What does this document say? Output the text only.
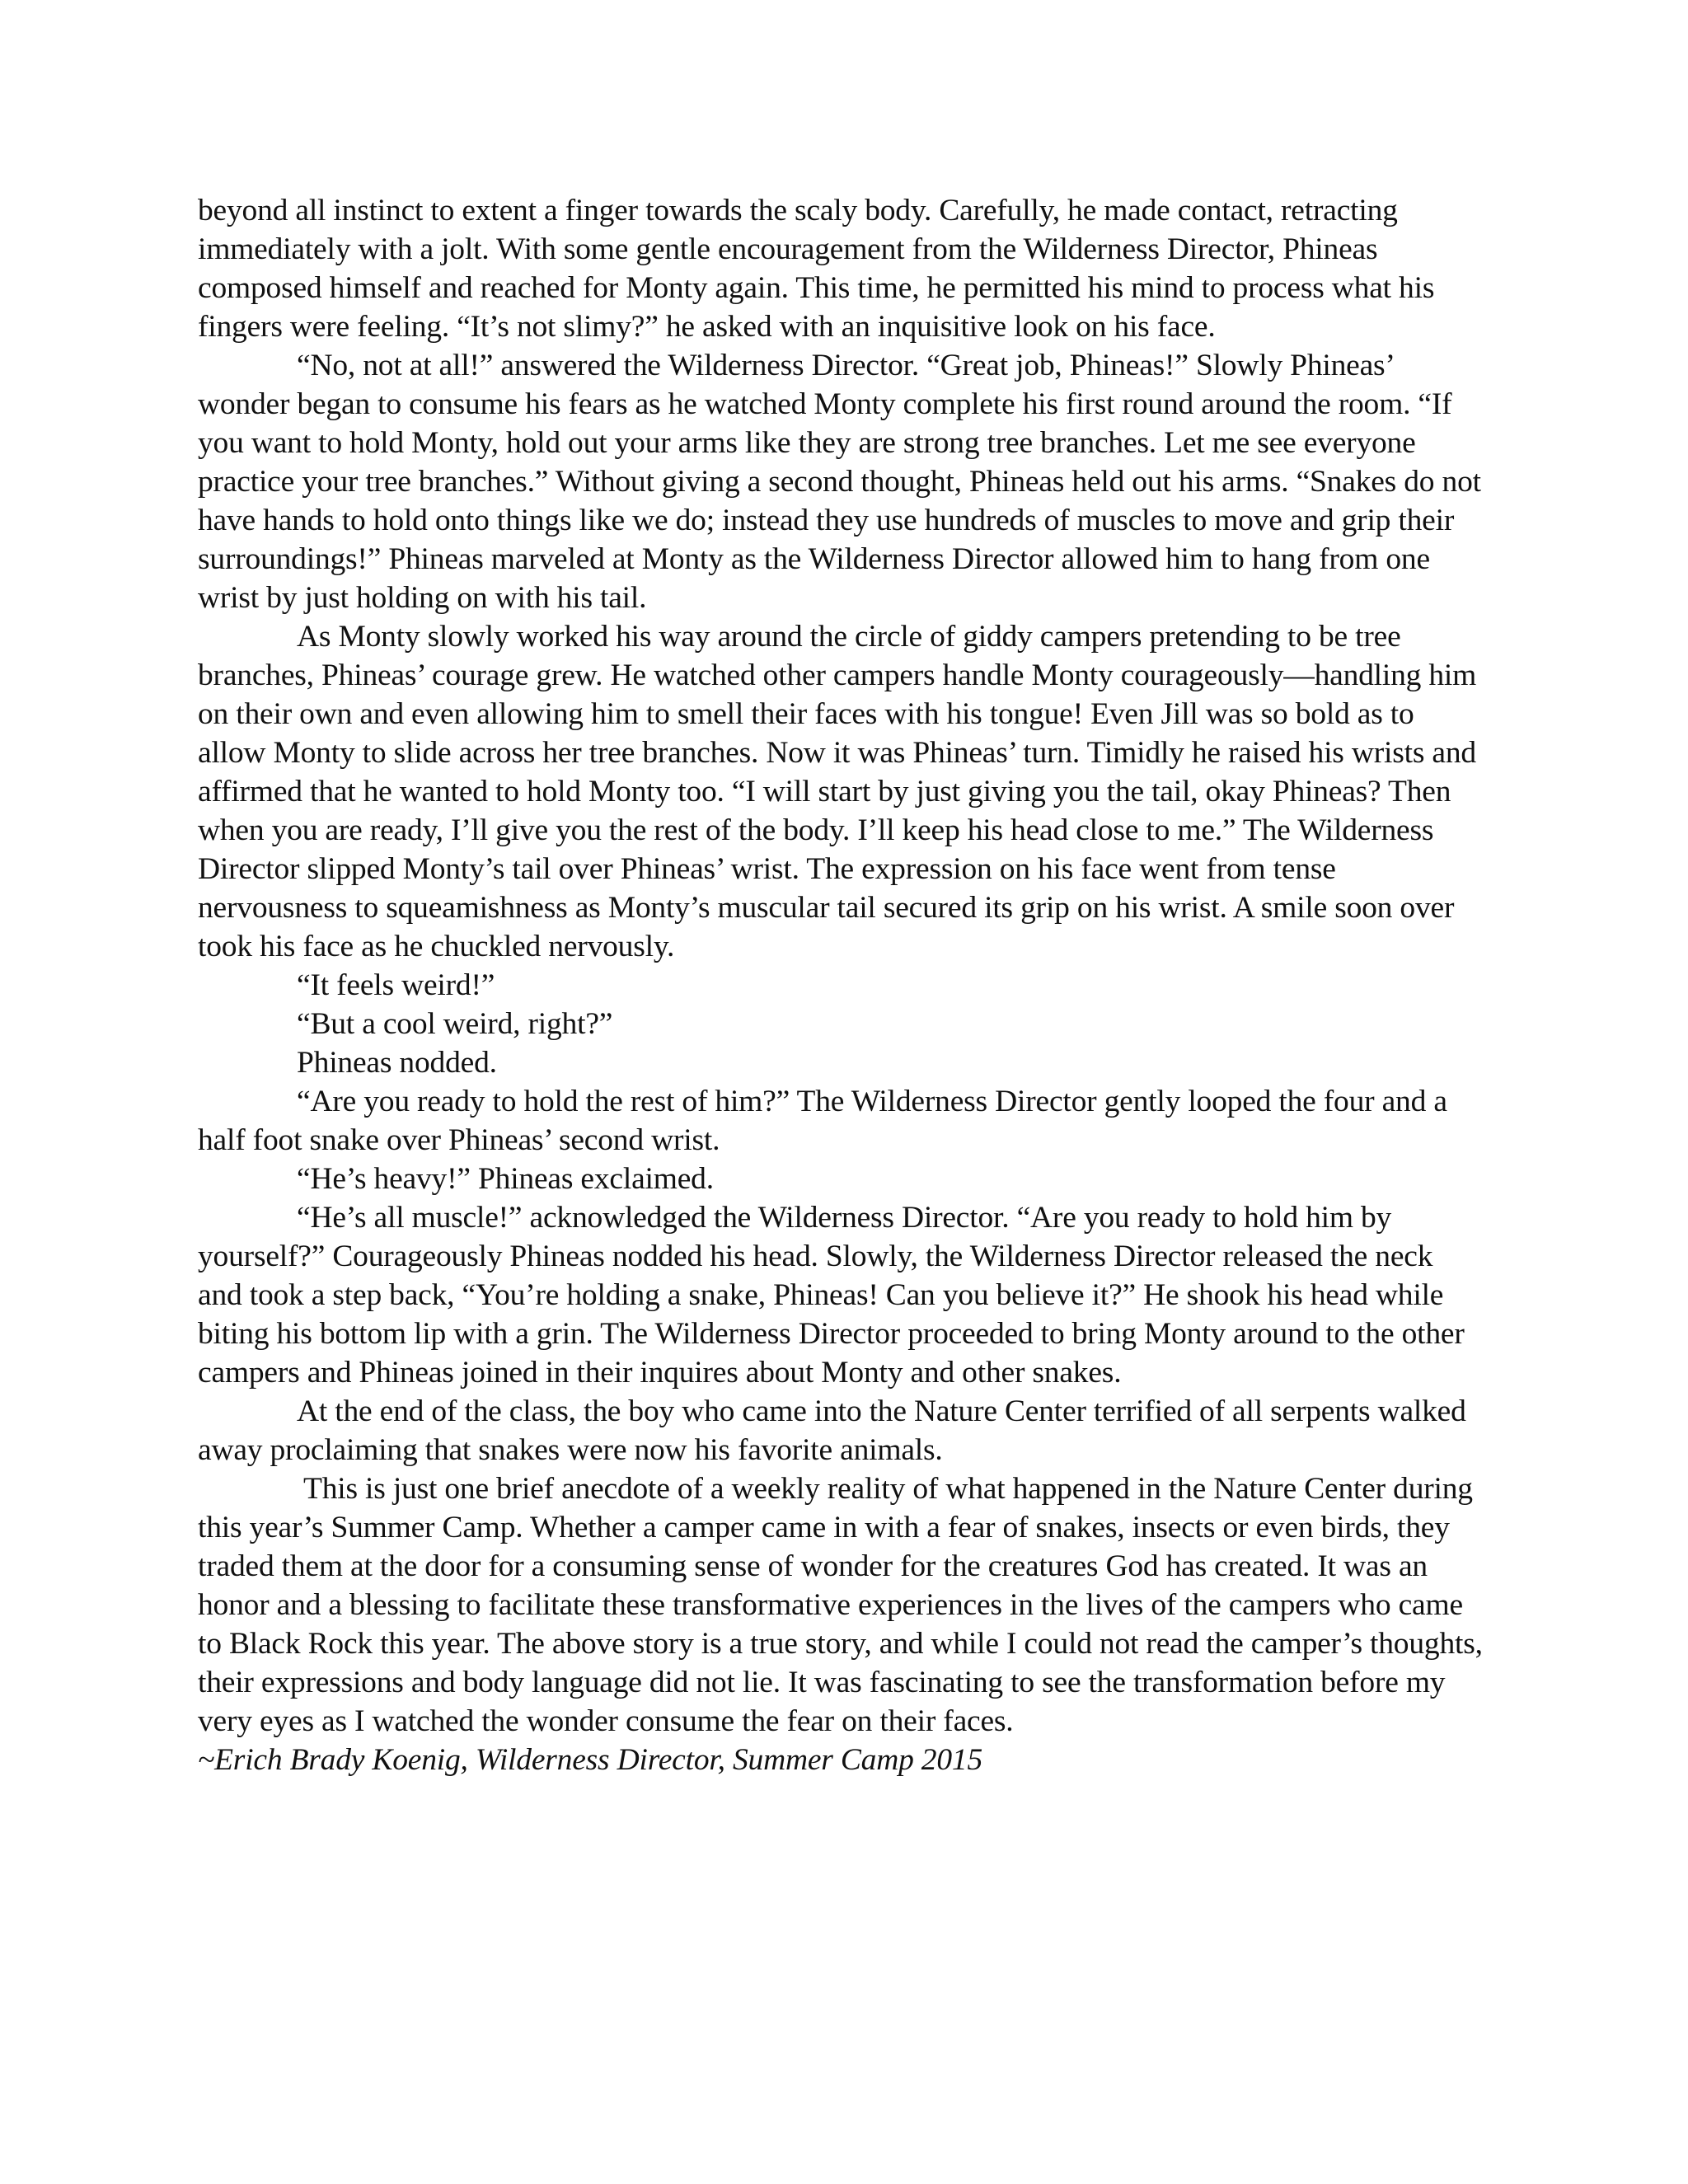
beyond all instinct to extent a finger towards the scaly body. Carefully, he made contact, retracting immediately with a jolt. With some gentle encouragement from the Wilderness Director, Phineas composed himself and reached for Monty again. This time, he permitted his mind to process what his fingers were feeling. “It’s not slimy?” he asked with an inquisitive look on his face.

“No, not at all!” answered the Wilderness Director. “Great job, Phineas!” Slowly Phineas’ wonder began to consume his fears as he watched Monty complete his first round around the room. “If you want to hold Monty, hold out your arms like they are strong tree branches. Let me see everyone practice your tree branches.” Without giving a second thought, Phineas held out his arms. “Snakes do not have hands to hold onto things like we do; instead they use hundreds of muscles to move and grip their surroundings!” Phineas marveled at Monty as the Wilderness Director allowed him to hang from one wrist by just holding on with his tail.

As Monty slowly worked his way around the circle of giddy campers pretending to be tree branches, Phineas’ courage grew. He watched other campers handle Monty courageously—handling him on their own and even allowing him to smell their faces with his tongue! Even Jill was so bold as to allow Monty to slide across her tree branches. Now it was Phineas’ turn. Timidly he raised his wrists and affirmed that he wanted to hold Monty too. “I will start by just giving you the tail, okay Phineas? Then when you are ready, I’ll give you the rest of the body. I’ll keep his head close to me.” The Wilderness Director slipped Monty’s tail over Phineas’ wrist. The expression on his face went from tense nervousness to squeamishness as Monty’s muscular tail secured its grip on his wrist. A smile soon over took his face as he chuckled nervously.

“It feels weird!”

“But a cool weird, right?”

Phineas nodded.

“Are you ready to hold the rest of him?” The Wilderness Director gently looped the four and a half foot snake over Phineas’ second wrist.

“He’s heavy!” Phineas exclaimed.

“He’s all muscle!” acknowledged the Wilderness Director. “Are you ready to hold him by yourself?” Courageously Phineas nodded his head. Slowly, the Wilderness Director released the neck and took a step back, “You’re holding a snake, Phineas! Can you believe it?” He shook his head while biting his bottom lip with a grin. The Wilderness Director proceeded to bring Monty around to the other campers and Phineas joined in their inquires about Monty and other snakes.

At the end of the class, the boy who came into the Nature Center terrified of all serpents walked away proclaiming that snakes were now his favorite animals.

This is just one brief anecdote of a weekly reality of what happened in the Nature Center during this year’s Summer Camp. Whether a camper came in with a fear of snakes, insects or even birds, they traded them at the door for a consuming sense of wonder for the creatures God has created. It was an honor and a blessing to facilitate these transformative experiences in the lives of the campers who came to Black Rock this year. The above story is a true story, and while I could not read the camper’s thoughts, their expressions and body language did not lie. It was fascinating to see the transformation before my very eyes as I watched the wonder consume the fear on their faces.

~Erich Brady Koenig, Wilderness Director, Summer Camp 2015
